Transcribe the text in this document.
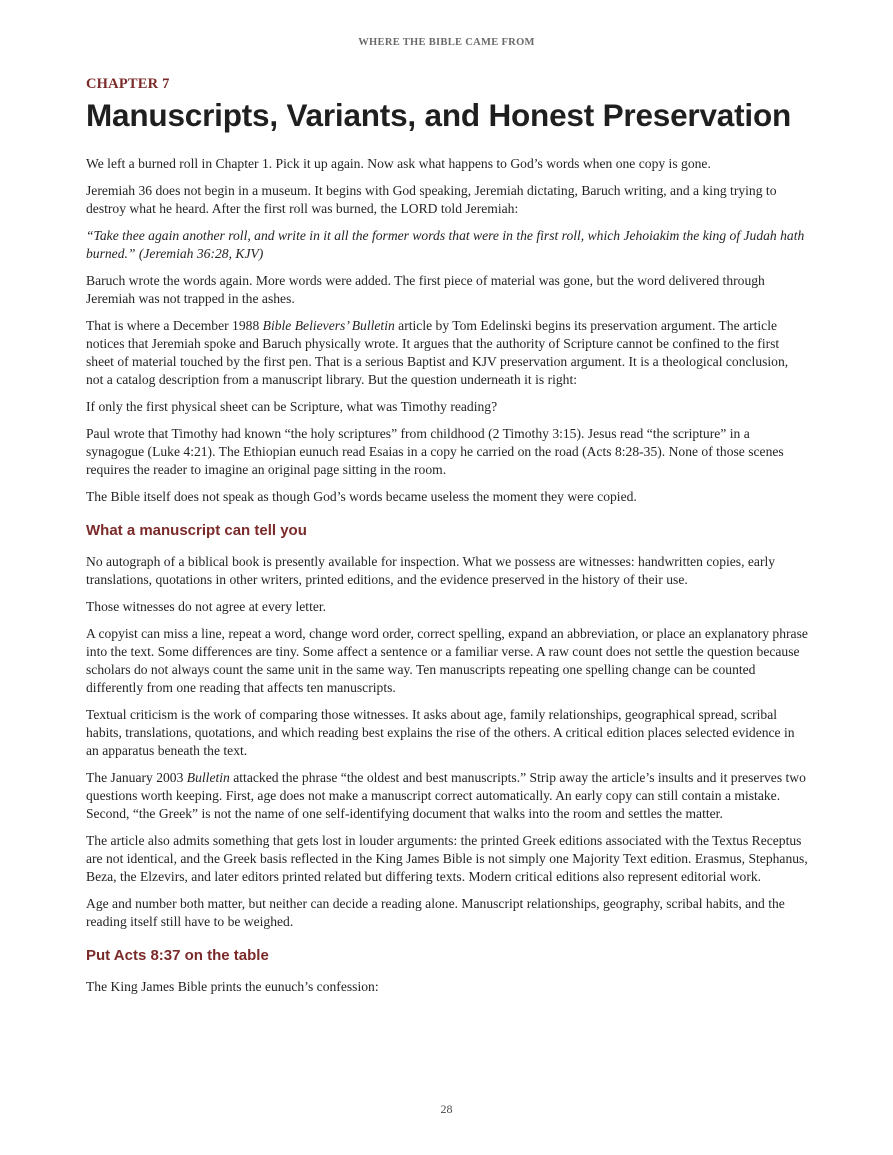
WHERE THE BIBLE CAME FROM
CHAPTER 7
Manuscripts, Variants, and Honest Preservation

We left a burned roll in Chapter 1. Pick it up again. Now ask what happens to God’s words when one copy is gone.

Jeremiah 36 does not begin in a museum. It begins with God speaking, Jeremiah dictating, Baruch writing, and a king trying to destroy what he heard. After the first roll was burned, the LORD told Jeremiah:

“Take thee again another roll, and write in it all the former words that were in the first roll, which Jehoiakim the king of Judah hath burned.” (Jeremiah 36:28, KJV)

Baruch wrote the words again. More words were added. The first piece of material was gone, but the word delivered through Jeremiah was not trapped in the ashes.

That is where a December 1988 Bible Believers’ Bulletin article by Tom Edelinski begins its preservation argument. The article notices that Jeremiah spoke and Baruch physically wrote. It argues that the authority of Scripture cannot be confined to the first sheet of material touched by the first pen. That is a serious Baptist and KJV preservation argument. It is a theological conclusion, not a catalog description from a manuscript library. But the question underneath it is right:

If only the first physical sheet can be Scripture, what was Timothy reading?

Paul wrote that Timothy had known “the holy scriptures” from childhood (2 Timothy 3:15). Jesus read “the scripture” in a synagogue (Luke 4:21). The Ethiopian eunuch read Esaias in a copy he carried on the road (Acts 8:28-35). None of those scenes requires the reader to imagine an original page sitting in the room.

The Bible itself does not speak as though God’s words became useless the moment they were copied.

What a manuscript can tell you

No autograph of a biblical book is presently available for inspection. What we possess are witnesses: handwritten copies, early translations, quotations in other writers, printed editions, and the evidence preserved in the history of their use.

Those witnesses do not agree at every letter.

A copyist can miss a line, repeat a word, change word order, correct spelling, expand an abbreviation, or place an explanatory phrase into the text. Some differences are tiny. Some affect a sentence or a familiar verse. A raw count does not settle the question because scholars do not always count the same unit in the same way. Ten manuscripts repeating one spelling change can be counted differently from one reading that affects ten manuscripts.

Textual criticism is the work of comparing those witnesses. It asks about age, family relationships, geographical spread, scribal habits, translations, quotations, and which reading best explains the rise of the others. A critical edition places selected evidence in an apparatus beneath the text.

The January 2003 Bulletin attacked the phrase “the oldest and best manuscripts.” Strip away the article’s insults and it preserves two questions worth keeping. First, age does not make a manuscript correct automatically. An early copy can still contain a mistake. Second, “the Greek” is not the name of one self-identifying document that walks into the room and settles the matter.

The article also admits something that gets lost in louder arguments: the printed Greek editions associated with the Textus Receptus are not identical, and the Greek basis reflected in the King James Bible is not simply one Majority Text edition. Erasmus, Stephanus, Beza, the Elzevirs, and later editors printed related but differing texts. Modern critical editions also represent editorial work.

Age and number both matter, but neither can decide a reading alone. Manuscript relationships, geography, scribal habits, and the reading itself still have to be weighed.

Put Acts 8:37 on the table

The King James Bible prints the eunuch’s confession:

28
